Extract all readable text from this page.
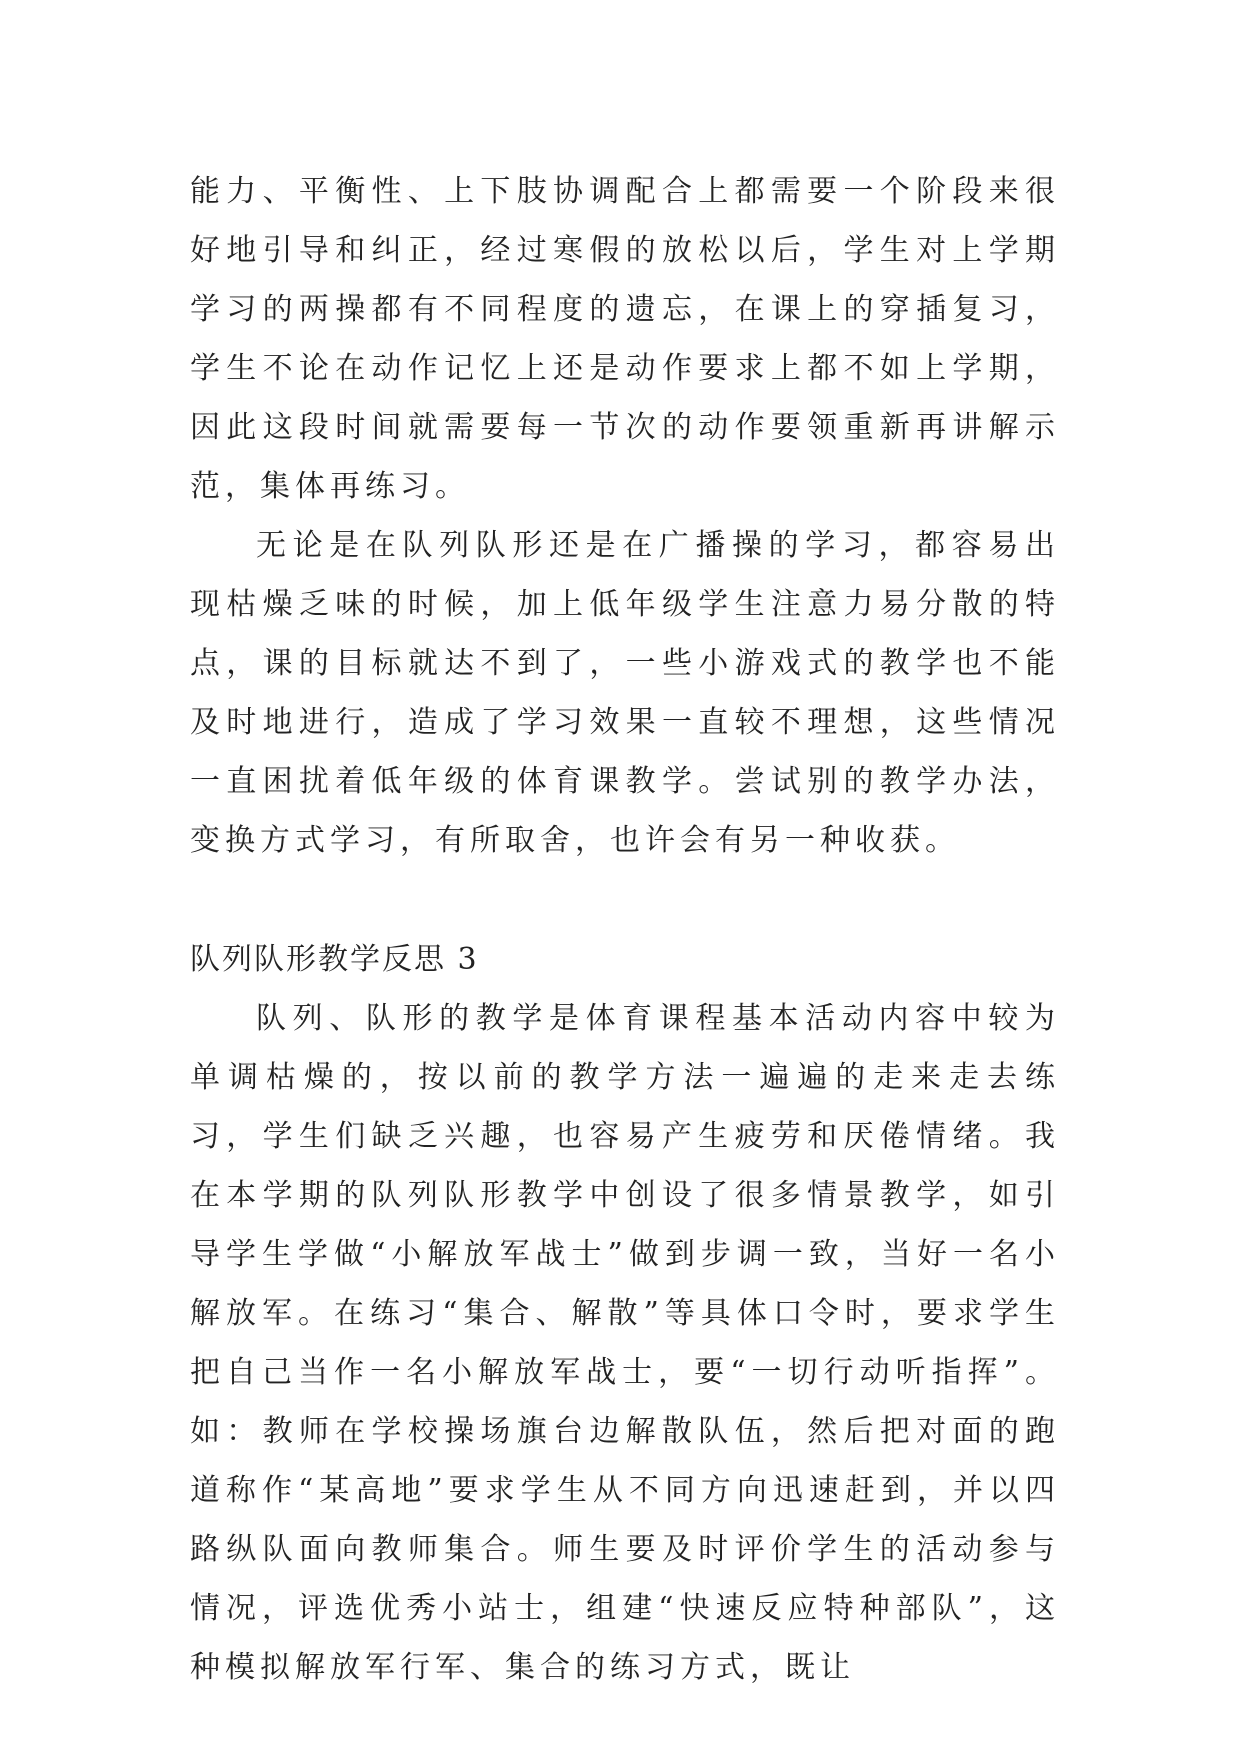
能力、平衡性、上下肢协调配合上都需要一个阶段来很好地引导和纠正，经过寒假的放松以后，学生对上学期学习的两操都有不同程度的遗忘，在课上的穿插复习，学生不论在动作记忆上还是动作要求上都不如上学期，因此这段时间就需要每一节次的动作要领重新再讲解示范，集体再练习。

无论是在队列队形还是在广播操的学习，都容易出现枯燥乏味的时候，加上低年级学生注意力易分散的特点，课的目标就达不到了，一些小游戏式的教学也不能及时地进行，造成了学习效果一直较不理想，这些情况一直困扰着低年级的体育课教学。尝试别的教学办法，变换方式学习，有所取舍，也许会有另一种收获。

队列队形教学反思 3

队列、队形的教学是体育课程基本活动内容中较为单调枯燥的，按以前的教学方法一遍遍的走来走去练习，学生们缺乏兴趣，也容易产生疲劳和厌倦情绪。我在本学期的队列队形教学中创设了很多情景教学，如引导学生学做“小解放军战士”做到步调一致，当好一名小解放军。在练习“集合、解散”等具体口令时，要求学生把自己当作一名小解放军战士，要“一切行动听指挥”。如：教师在学校操场旗台边解散队伍，然后把对面的跑道称作“某高地”要求学生从不同方向迅速赶到，并以四路纵队面向教师集合。师生要及时评价学生的活动参与情况，评选优秀小站士，组建“快速反应特种部队”，这种模拟解放军行军、集合的练习方式，既让
